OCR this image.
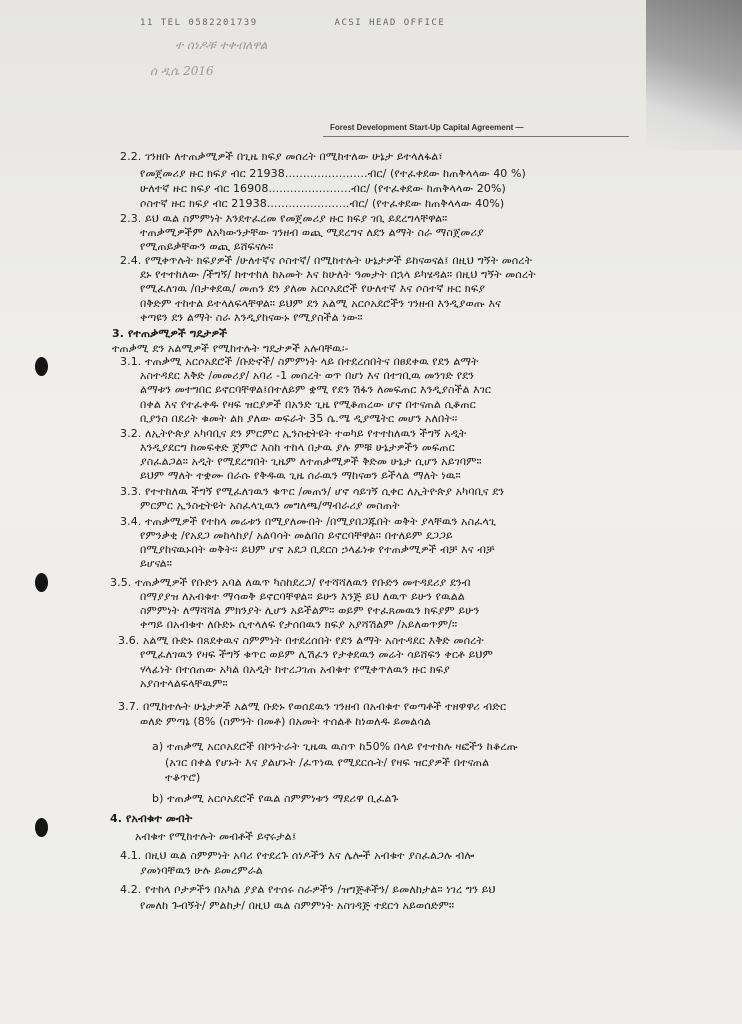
11 TEL 0582201739	ACSI HEAD OFFICE
ተ ሰነዶቹ ተቀብለዋል
ሰ ዲሴ 2016
Forest Development Start-Up Capital Agreement —
2.2. ገንዘቡ ለተጠቃሚዎች በጊዜ ክፍያ መሰረት በሚከተለው ሁኔታ ይተላለፋል፣
የመጀመሪያ ዙር ክፍያ ብር 21938.......................ብር/ (የተፈቀደው ከጠቅላላው 40 %)
ሁለተኛ ዙር ክፍያ ብር 16908.......................ብር/ (የተፈቀደው ከጠቅላላው 20%)
ሶስተኛ ዙር ክፍያ ብር 21938.......................ብር/ (የተፈቀደው ከጠቅላላው 40%)
2.3. ይህ ዉል ስምምነት እንደተፈረመ የመጀመሪያ ዙር ክፍያ ገቢ ይደረግላቸዋል።
ተጠቃሚዎችም ለአካውንታቸው ገንዘብ ወጪ ሚደረግና ለደን ልማት ስራ ማስጀመሪያ
የሚጠይቃቸውን ወጪ ይሸፍናሉ።
2.4. የሚቀጥሉት ክፍያዎች /ሁለተኛና ሶስተኛ/ በሚከተሉት ሁኔታዎች ይከናወናል፤ በዚህ ግኝት መሰረት
ደኑ የተተከለው /ችግኝ/ ከተተከለ ከአመት እና ከሁለት ዓመታት በኋላ ይካሄዳል። በዚህ ግኝት መሰረት
የሚፈለገዉ /በታቀደዉ/ መጠን ደን ያለመ አርሶአደሮች የሁለተኛ እና ሶስተኛ ዙር ክፍያ
በቅድም ተከተል ይተላለፍላቸዋል። ይህም ደን አልሚ አርሶአደሮችን ገንዘብ እንዲያወጡ እና
ቀጣዩን ደን ልማት ስራ እንዲያከናውኑ የሚያስችል ነው።
3. የተጠቃሚዎች ግዴታዎች
ተጠቃሚ ደን አልሚዎች የሚከተሉት ግዴታዎች አሉባቸዉ፡-
3.1. ተጠቃሚ አርሶአደሮች /ቡድኖች/ ስምምነት ላይ በተደረሰበትና በፀደቀዉ የደን ልማት
አስተዳደር እቅድ /መመሪያ/ አባሪ -1 መሰረት ወጥ በሆነ እና በተገቢዉ መንገድ የደን
ልማቱን መተግበር ይኖርባቸዋል፤በተለይም ቋሚ የደን ሽፋን ለመፍጠር እንዲያስችል እገር
በቀል እና የተፈቀዱ የዛፍ ዝርያዎች በአንድ ጊዜ የሚቆጠረው ሆኖ በተናጠል ሲቆጠር
ቢያንስ በደረት ቁመት ልክ ያለው ወፍራት 35 ሴ.ሜ ዲያሜትር መሆን አለበት፡፡
3.2. ለኢትዮጵያ አካባቢና ደን ምርምር ኢንስቲትዩት ተወካይ የተተከለዉን ችግኝ አዲት
እንዲያደርግ ከመፍቀድ ጀምሮ እስከ ተከላ በታዉ ያሉ ምቹ ሁኔታዎችን መፍጠር
ያስፈልጋል። አዲት የሚደረግበት ጊዜም ለተጠቃሚዎች ቅድመ ሁኔታ ሲሆን አይገባም።
ይህም ማለት ተቋሙ በራሱ የቅዱዉ ጊዜ ሰራዉን ማከናወን ይችላል ማለት ነዉ።
3.3. የተተከለዉ ችግኝ የሚፈለገዉን ቁጥር /መጠን/ ሆኖ ሳይገኝ ሲቀር ለኢትዮጵያ አካባቢና ደን
ምርምር ኢንስቲትዩት አስፈላጊዉን መግለጫ/ማብራሪያ መስጠት
3.4. ተጠቃሚዎች የተከላ መሬቱን በሚያለሙበት /በሚያበጋጁበት ወቅት ያላቸዉን አስፈላጊ
የምንቃቂ /የአደጋ መከላከያ/ አልባሳት መልበስ ይኖርባቸዋል። በተለይም ደጋጋይ
በሚያከናዉኑበት ወቅት፡፡ ይህም ሆኖ አደጋ ቢደርስ ኃላፊነቱ የተጠቃሚዎች ብቻ እና ብቻ
ይሆናል።
3.5. ተጠቃሚዎች የቡድን አባል ለዉጥ ካስከደረጋ/ የተሻሻለዉን የቡድን መተዳደሪያ ደንብ
በማያያዝ ለአብቁተ ማሳወቅ ይኖርባቸዋል። ይሁን እንጅ ይህ ለዉጥ ይሁን የዉልል
ስምምነት ለማሻሻል ምክንያት ሊሆን አይችልም። ወይም የተፈጸመዉን ክፍያም ይሁን
ቀጣይ በአብቁተ ለቡድኑ ሲተላለፍ የታሰበዉን ክፍያ አያሻሽልም /አይለወጥም/።
3.6. አልሚ ቡድኑ በጸደቀዉና ስምምነት በተደረሰበት የደን ልማት አስተዳደር እቅድ መሰረት
የሚፈለገዉን የዛፍ ችግኝ ቁጥር ወይም ሊሽፈን የታቀደዉን መሬት ሳይሸፍን ቀርቶ ይህም
ሃላፊነት በተሰጠው አካል በአዲት ከተረጋገጠ አብቁተ የሚቀጥለዉን ዙር ክፍያ
አያስተላልፍላቸዉም።
3.7. በሚከተሉት ሁኔታዎች አልሚ ቡድኑ የወሰደዉን ገንዘብ በአብቁተ የወጣቶች ተዘዋዋሪ ብድር
ወለድ ምጣኔ (8% (ስምንት በመቶ) በአመት ተሰልቶ ከነወለዱ ይመልሳል
a) ተጠቃሚ አርሶአደሮች በኮንትራት ጊዜዉ ዉስጥ ከ50% በላይ የተተከሉ ዛፎችን ከቆረጡ
(አገር በቀል የሆኑት እና ያልሆኑት /ፈጥነዉ የሚደርሱት/ የዛፍ ዝርያዎች በተናጠል
ተቆጥሮ)
b) ተጠቃሚ አርሶአደሮች የዉል ስምምነቱን ማደሪዋ ቢፈልጉ
4. የአብቁተ መብት
አብቁተ የሚከተሉት መብቶች ይኖሩታል፤
4.1. በዚህ ዉል ስምምነት አባሪ የተደረጉ ሰነዶችን እና ሌሎች አብቁተ ያስፈልጋሉ ብሎ
ያመነባቸዉን ሁሉ ይመረምራል
4.2. የተከላ ቦታዎችን በአካል ያያል የተሰሩ ስራዎችን /ዝግጅቶችን/ ይመለከታል። ነገረ ግን ይህ
የመለከ ጉብኝት/ ምልከታ/ በዚህ ዉል ስምምነት አስገዳጅ ተደርጎ አይወሰድም።
